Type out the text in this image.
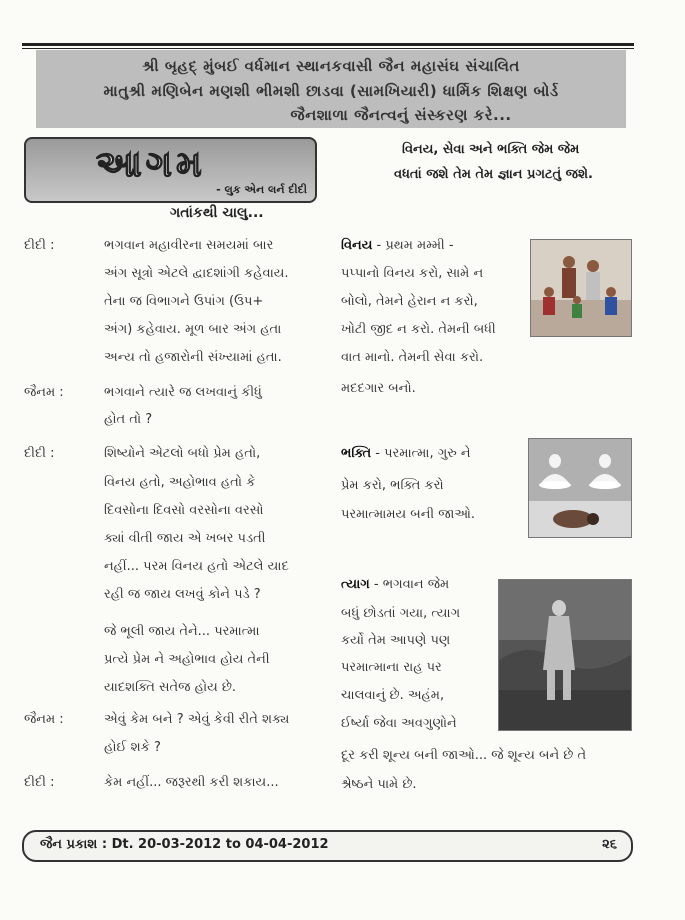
શ્રી બૃહદ્ મુંબઈ વર્ધમાન સ્થાનકવાસી જૈન મહાસંઘ સંચાલિત
માતુશ્રી મણિબેન મણશી ભીમશી છાડવા (સામખિયારી) ધાર્મિક શિક્ષણ બોર્ડ
જૈનશાળા જૈનત્વનું સંસ્કરણ કરે...
આગમ
- લુક એન લર્ન દીદી
વિનય, સેવા અને ભક્તિ જેમ જેમ
વધતાં જશે તેમ તેમ જ્ઞાન પ્રગટતું જશે.
ગતાંકથી ચાલુ...
દીદી :	ભગવાન મહાવીરના સમયમાં બાર
અંગ સૂત્રો એટલે દ્વાદશાંગી કહેવાય.
તેના જ વિભાગને ઉપાંગ (ઉપ+
અંગ) કહેવાય. મૂળ બાર અંગ હતા
અન્ય તો હજારોની સંખ્યામાં હતા.
જૈનમ :	ભગવાને ત્યારે જ લખવાનું કીધું
હોત તો ?
દીદી :	શિષ્યોને એટલો બધો પ્રેમ હતો,
વિનય હતો, અહોભાવ હતો કે
દિવસોના દિવસો વરસોના વરસો
ક્યાં વીતી જાય એ ખબર પડતી
નહીં... પરમ વિનય હતો એટલે યાદ
રહી જ જાય લખવું કોને પડે ?
જે ભૂલી જાય તેને... પરમાત્મા
પ્રત્યે પ્રેમ ને અહોભાવ હોય તેની
યાદશક્તિ સતેજ હોય છે.
જૈનમ :	એવું કેમ બને ? એવું કેવી રીતે શક્ય
હોઈ શકે ?
દીદી :	કેમ નહીં... જરૂરથી કરી શકાય...
વિનય - પ્રથમ મમ્મી -
પપ્પાનો વિનય કરો, સામે ન
બોલો, તેમને હેરાન ન કરો,
ખોટી જીદ ન કરો. તેમની બધી
વાત માનો. તેમની સેવા કરો.
મદદગાર બનો.
ભક્તિ - પરમાત્મા, ગુરુ ને
પ્રેમ કરો, ભક્તિ કરો
પરમાત્મામય બની જાઓ.
ત્યાગ - ભગવાન જેમ
બધું છોડતાં ગયા, ત્યાગ
કર્યો તેમ આપણે પણ
પરમાત્માના રાહ પર
ચાલવાનું છે. અહંમ,
ઈર્ષ્યા જેવા અવગુણોને
દૂર કરી શૂન્ય બની જાઓ... જે શૂન્ય બને છે તે
શ્રેષ્ઠને પામે છે.
જૈન પ્રકાશ : Dt. 20-03-2012 to 04-04-2012	૨૬
